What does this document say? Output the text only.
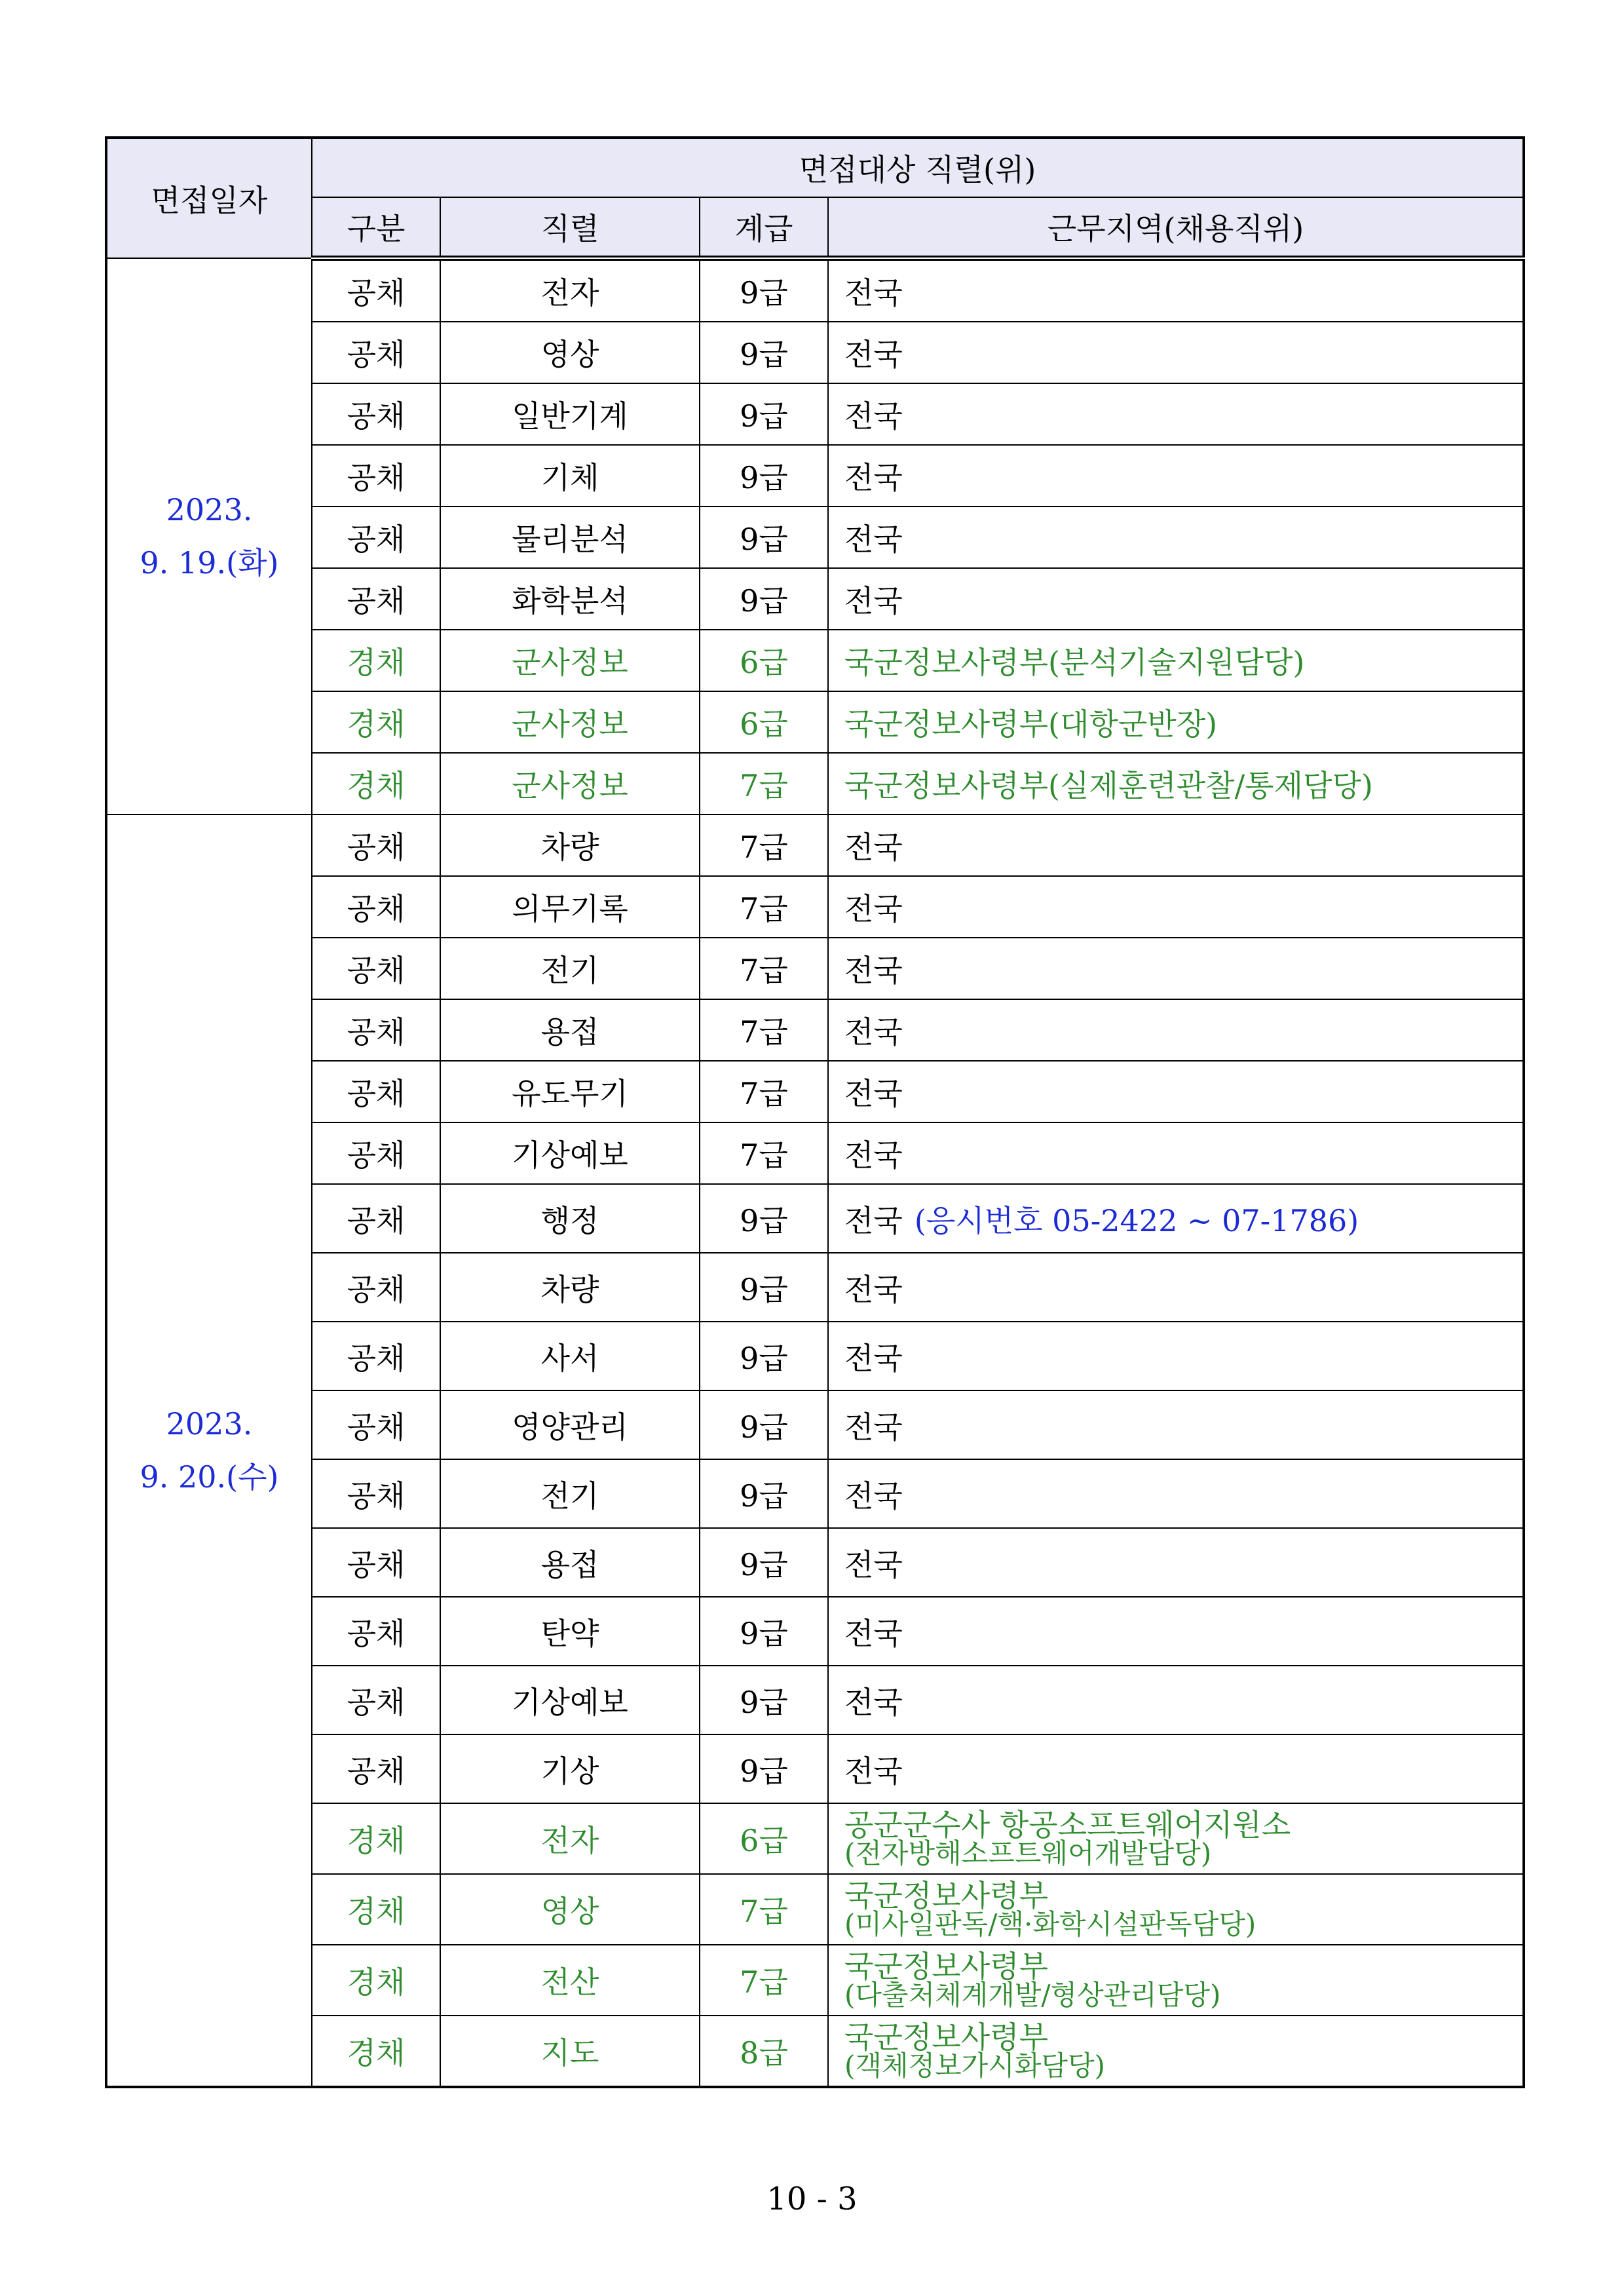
면접일자	면접대상 직렬(위)			
	구분	직렬	계급	근무지역(채용직위)
2023.
9. 19.(화)	공채	전자	9급	전국
	공채	영상	9급	전국
	공채	일반기계	9급	전국
	공채	기체	9급	전국
	공채	물리분석	9급	전국
	공채	화학분석	9급	전국
	경채	군사정보	6급	국군정보사령부(분석기술지원담당)
	경채	군사정보	6급	국군정보사령부(대항군반장)
	경채	군사정보	7급	국군정보사령부(실제훈련관찰/통제담당)
2023.
9. 20.(수)	공채	차량	7급	전국
	공채	의무기록	7급	전국
	공채	전기	7급	전국
	공채	용접	7급	전국
	공채	유도무기	7급	전국
	공채	기상예보	7급	전국
	공채	행정	9급	전국 (응시번호 05-2422 ~ 07-1786)
	공채	차량	9급	전국
	공채	사서	9급	전국
	공채	영양관리	9급	전국
	공채	전기	9급	전국
	공채	용접	9급	전국
	공채	탄약	9급	전국
	공채	기상예보	9급	전국
	공채	기상	9급	전국
	경채	전자	6급	공군군수사 항공소프트웨어지원소
(전자방해소프트웨어개발담당)

	경채	영상	7급	국군정보사령부
(미사일판독/핵·화학시설판독담당)

	경채	전산	7급	국군정보사령부
(다출처체계개발/형상관리담당)

	경채	지도	8급	국군정보사령부
(객체정보가시화담당)
10 - 3
